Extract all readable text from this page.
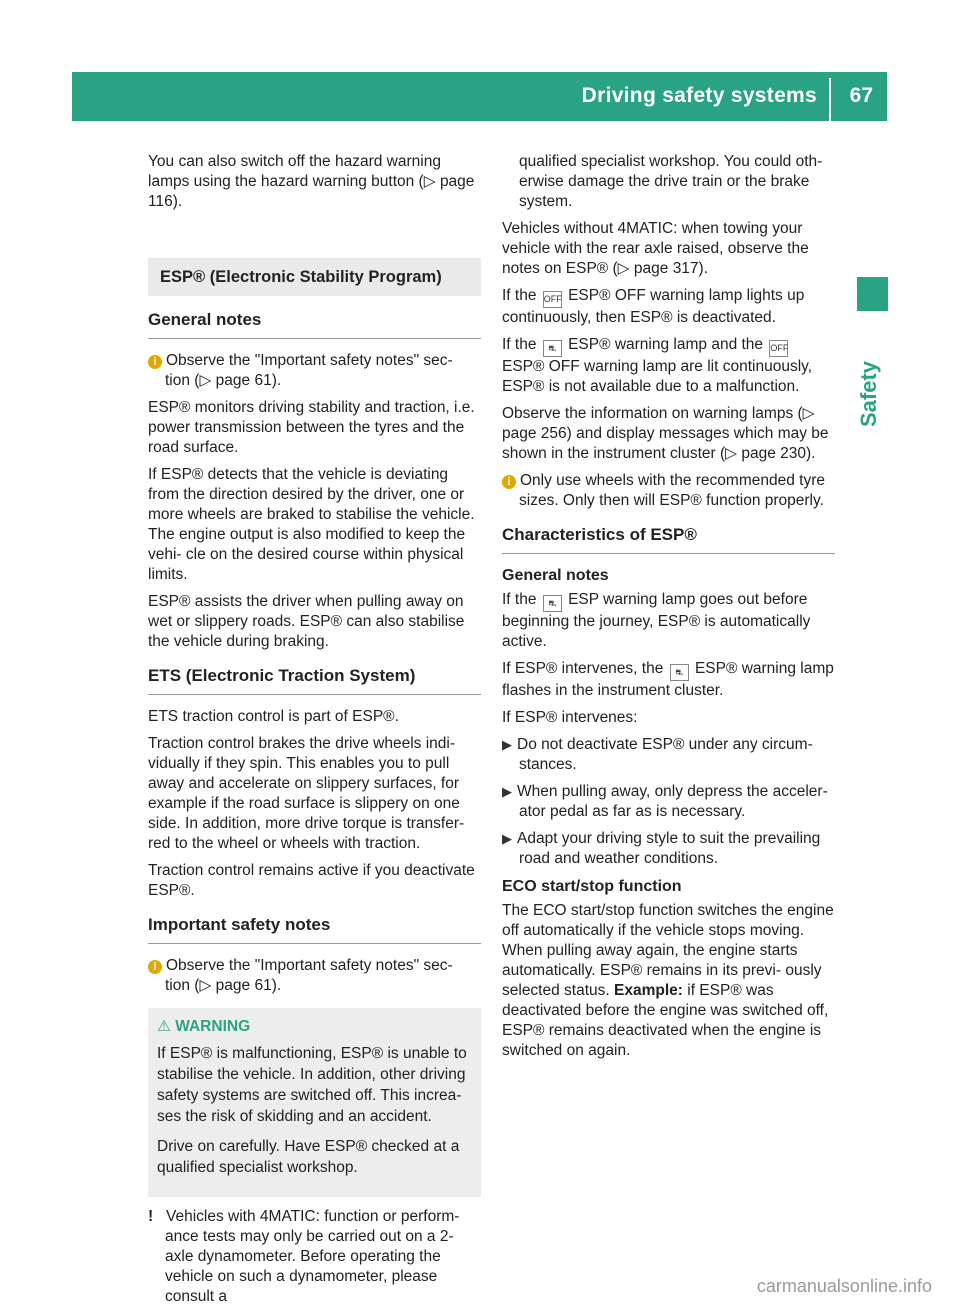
Driving safety systems 67
Safety

You can also switch off the hazard warning lamps using the hazard warning button (▷ page 116).

ESP® (Electronic Stability Program)
General notes

i Observe the "Important safety notes" sec- tion (▷ page 61).

ESP® monitors driving stability and traction, i.e. power transmission between the tyres and the road surface.

If ESP® detects that the vehicle is deviating from the direction desired by the driver, one or more wheels are braked to stabilise the vehicle. The engine output is also modified to keep the vehi- cle on the desired course within physical limits.

ESP® assists the driver when pulling away on wet or slippery roads. ESP® can also stabilise the vehicle during braking.

ETS (Electronic Traction System)

ETS traction control is part of ESP®.

Traction control brakes the drive wheels indi- vidually if they spin. This enables you to pull away and accelerate on slippery surfaces, for example if the road surface is slippery on one side. In addition, more drive torque is transfer- red to the wheel or wheels with traction.

Traction control remains active if you deactivate ESP®.

Important safety notes

i Observe the "Important safety notes" sec- tion (▷ page 61).

⚠ WARNING

If ESP® is malfunctioning, ESP® is unable to stabilise the vehicle. In addition, other driving safety systems are switched off. This increa- ses the risk of skidding and an accident.

Drive on carefully. Have ESP® checked at a qualified specialist workshop.

! Vehicles with 4MATIC: function or perform- ance tests may only be carried out on a 2-axle dynamometer. Before operating the vehicle on such a dynamometer, please consult a

qualified specialist workshop. You could oth- erwise damage the drive train or the brake system.

Vehicles without 4MATIC: when towing your vehicle with the rear axle raised, observe the notes on ESP® (▷ page 317).

If the OFF ESP® OFF warning lamp lights up continuously, then ESP® is deactivated.

If the ⛐ ESP® warning lamp and the OFF ESP® OFF warning lamp are lit continuously, ESP® is not available due to a malfunction.

Observe the information on warning lamps (▷ page 256) and display messages which may be shown in the instrument cluster (▷ page 230).

i Only use wheels with the recommended tyre sizes. Only then will ESP® function properly.

Characteristics of ESP®
General notes

If the ⛐ ESP warning lamp goes out before beginning the journey, ESP® is automatically active.

If ESP® intervenes, the ⛐ ESP® warning lamp flashes in the instrument cluster.

If ESP® intervenes:

▶ Do not deactivate ESP® under any circum- stances.

▶ When pulling away, only depress the acceler- ator pedal as far as is necessary.

▶ Adapt your driving style to suit the prevailing road and weather conditions.

ECO start/stop function

The ECO start/stop function switches the engine off automatically if the vehicle stops moving. When pulling away again, the engine starts automatically. ESP® remains in its previ- ously selected status. Example: if ESP® was deactivated before the engine was switched off, ESP® remains deactivated when the engine is switched on again.

carmanualsonline.info
